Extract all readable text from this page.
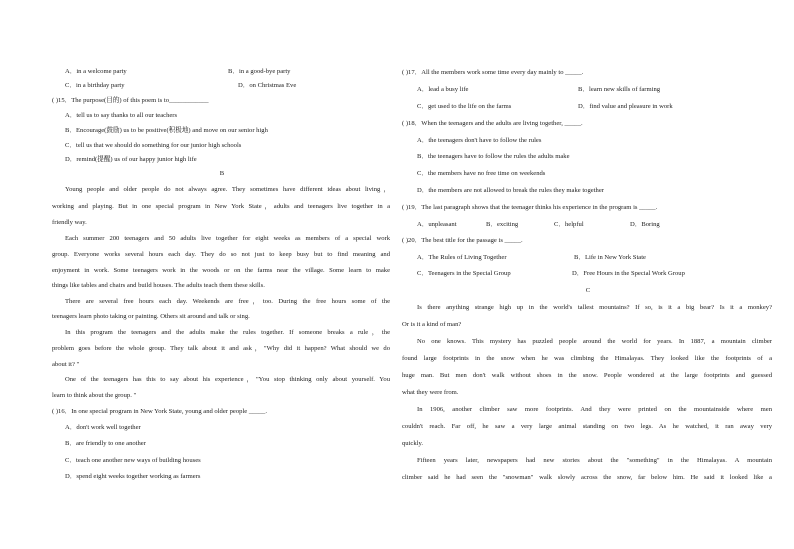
A．in a welcome party	B．in a good-bye party
C．in a birthday party	D．on Christmas Eve
( )15．The purpose(目的) of this poem is to____________
A．tell us to say thanks to all our teachers
B．Encourage(鼓励) us to be positive(积极地) and move on our senior high
C．tell us that we should do something for our junior high schools
D．remind(提醒) us of our happy junior high life
B
Young people and older people do not always agree. They sometimes have different ideas about living，
working and playing. But in one special program in New York State，adults and teenagers live together in a
friendly way.
Each summer 200 teenagers and 50 adults live together for eight weeks as members of a special work
group. Everyone works several hours each day. They do so not just to keep busy but to find meaning and
enjoyment in work. Some teenagers work in the woods or on the farms near the village. Some learn to make
things like tables and chairs and build houses. The adults teach them these skills.
There are several free hours each day. Weekends are free，too. During the free hours some of the
teenagers learn photo taking or painting. Others sit around and talk or sing.
In this program the teenagers and the adults make the rules together. If someone breaks a rule，the
problem goes before the whole group. They talk about it and ask，"Why did it happen? What should we do
about it? "
One of the teenagers has this to say about his experience，"You stop thinking only about yourself. You
learn to think about the group. "
( )16．In one special program in New York State, young and older people _____.
A．don't work well together
B．are friendly to one another
C．teach one another new ways of building houses
D．spend eight weeks together working as farmers
( )17．All the members work some time every day mainly to _____.
A．lead a busy life	B．learn new skills of farming
C．get used to the life on the farms	D．find value and pleasure in work
( )18．When the teenagers and the adults are living together, _____.
A．the teenagers don't have to follow the rules
B．the teenagers have to follow the rules the adults make
C．the members have no free time on weekends
D．the members are not allowed to break the rules they make together
( )19．The last paragraph shows that the teenager thinks his experience in the program is _____.
A．unpleasant	B．exciting	C．helpful	D．Boring
( )20．The best title for the passage is _____.
A．The Rules of Living Together	B．Life in New York State
C．Teenagers in the Special Group	D．Free Hours in the Special Work Group
C
Is there anything strange high up in the world's tallest mountains? If so, is it a big bear? Is it a monkey?
Or is it a kind of man?
No one knows. This mystery has puzzled people around the world for years. In 1887, a mountain climber
found large footprints in the snow when he was climbing the Himalayas. They looked like the footprints of a
huge man. But men don't walk without shoes in the snow. People wondered at the large footprints and guessed
what they were from.
In 1906, another climber saw more footprints. And they were printed on the mountainside where men
couldn't reach. Far off, he saw a very large animal standing on two legs. As he watched, it ran away very
quickly.
Fifteen years later, newspapers had new stories about the "something" in the Himalayas. A mountain
climber said he had seen the "snowman" walk slowly across the snow, far below him. He said it looked like a
